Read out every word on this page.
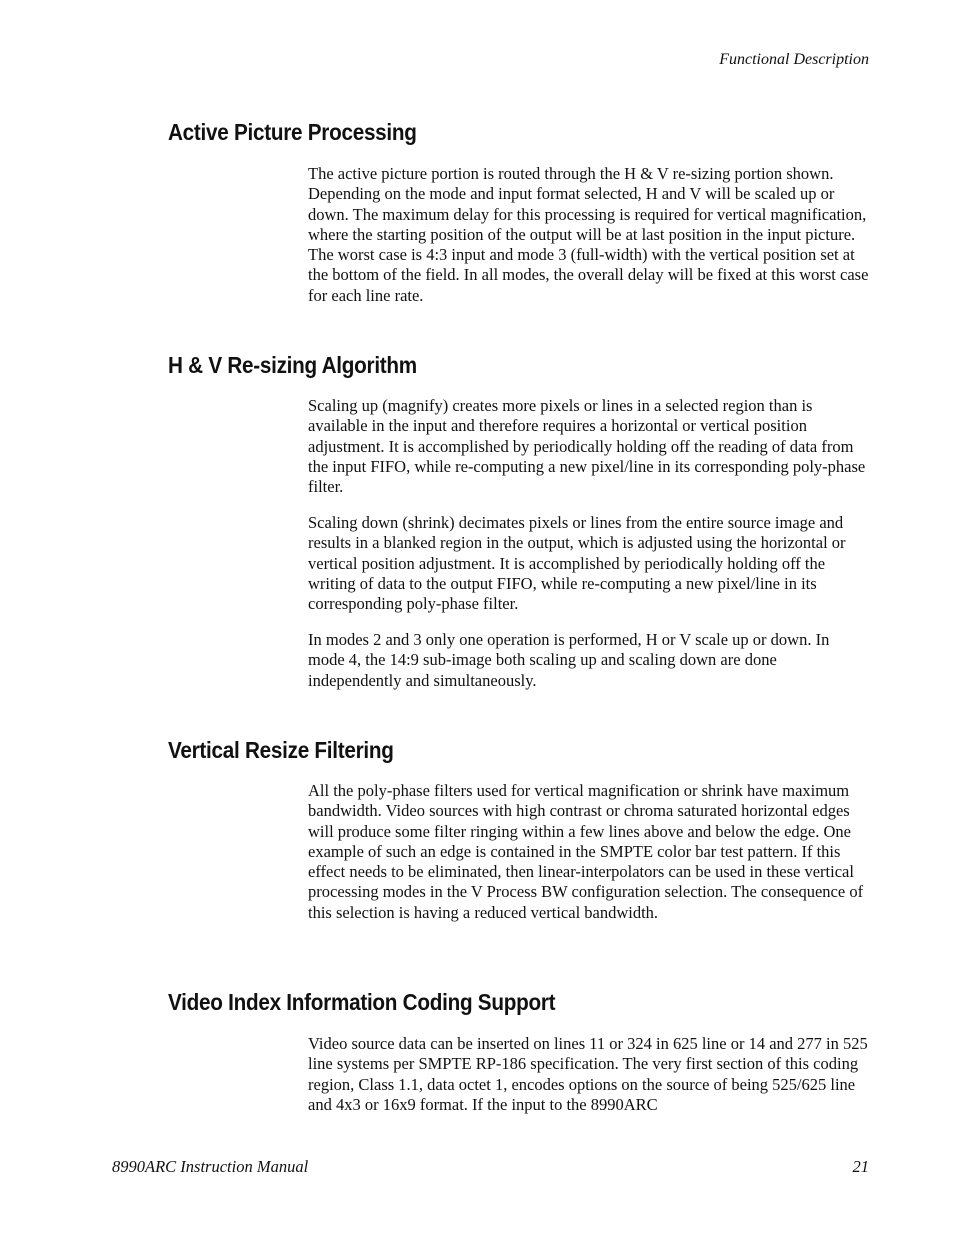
Functional Description

Active Picture Processing

The active picture portion is routed through the H & V re-sizing portion shown. Depending on the mode and input format selected, H and V will be scaled up or down. The maximum delay for this processing is required for vertical magnification, where the starting position of the output will be at last position in the input picture. The worst case is 4:3 input and mode 3 (full-width) with the vertical position set at the bottom of the field. In all modes, the overall delay will be fixed at this worst case for each line rate.

H & V Re-sizing Algorithm

Scaling up (magnify) creates more pixels or lines in a selected region than is available in the input and therefore requires a horizontal or vertical position adjustment. It is accomplished by periodically holding off the reading of data from the input FIFO, while re-computing a new pixel/line in its corresponding poly-phase filter.

Scaling down (shrink) decimates pixels or lines from the entire source image and results in a blanked region in the output, which is adjusted using the horizontal or vertical position adjustment. It is accomplished by periodically holding off the writing of data to the output FIFO, while re-computing a new pixel/line in its corresponding poly-phase filter.

In modes 2 and 3 only one operation is performed, H or V scale up or down. In mode 4, the 14:9 sub-image both scaling up and scaling down are done independently and simultaneously.

Vertical Resize Filtering

All the poly-phase filters used for vertical magnification or shrink have maximum bandwidth. Video sources with high contrast or chroma saturated horizontal edges will produce some filter ringing within a few lines above and below the edge. One example of such an edge is contained in the SMPTE color bar test pattern. If this effect needs to be eliminated, then linear-interpolators can be used in these vertical processing modes in the V Process BW configuration selection. The consequence of this selection is having a reduced vertical bandwidth.

Video Index Information Coding Support

Video source data can be inserted on lines 11 or 324 in 625 line or 14 and 277 in 525 line systems per SMPTE RP-186 specification. The very first section of this coding region, Class 1.1, data octet 1, encodes options on the source of being 525/625 line and 4x3 or 16x9 format. If the input to the 8990ARC

8990ARC Instruction Manual	21
